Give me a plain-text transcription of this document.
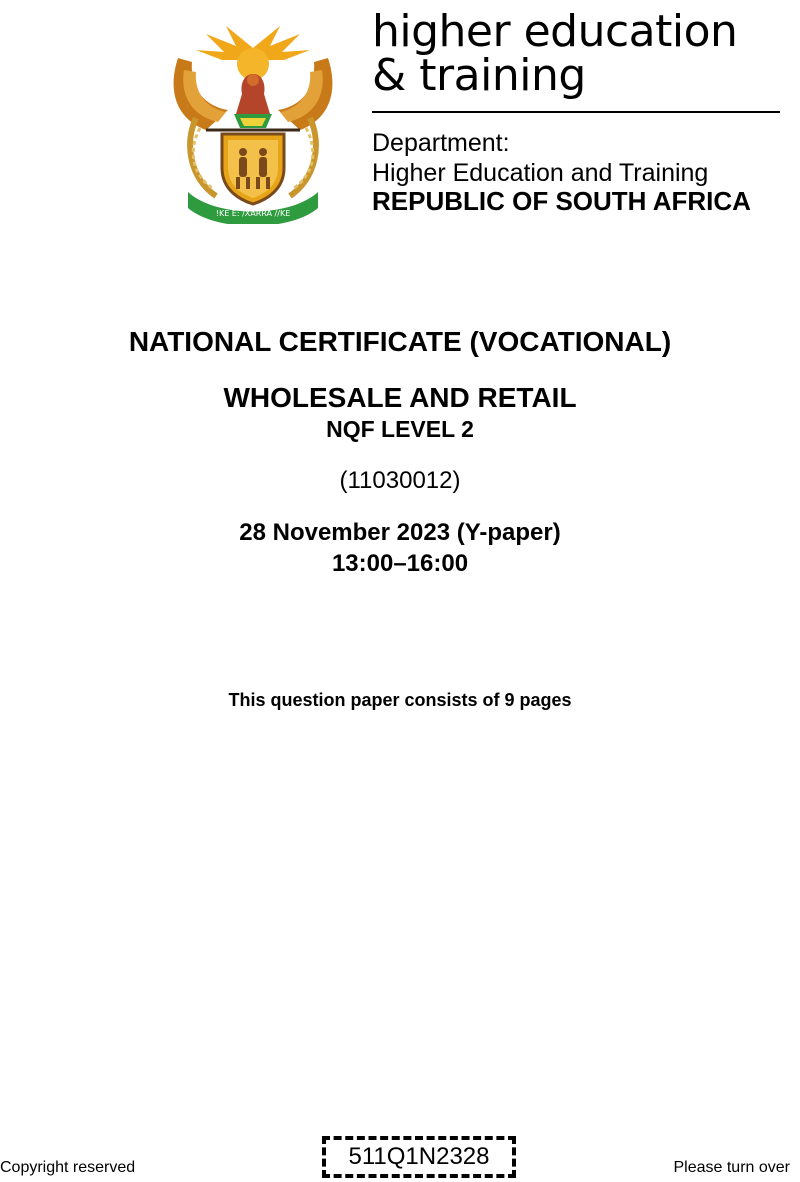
!KE E: /XARRA //KE
higher education
& training
Department:
Higher Education and Training
REPUBLIC OF SOUTH AFRICA
NATIONAL CERTIFICATE (VOCATIONAL)
WHOLESALE AND RETAIL
NQF LEVEL 2
(11030012)
28 November 2023 (Y-paper)
13:00–16:00
This question paper consists of 9 pages
Copyright reserved	511Q1N2328	Please turn over
